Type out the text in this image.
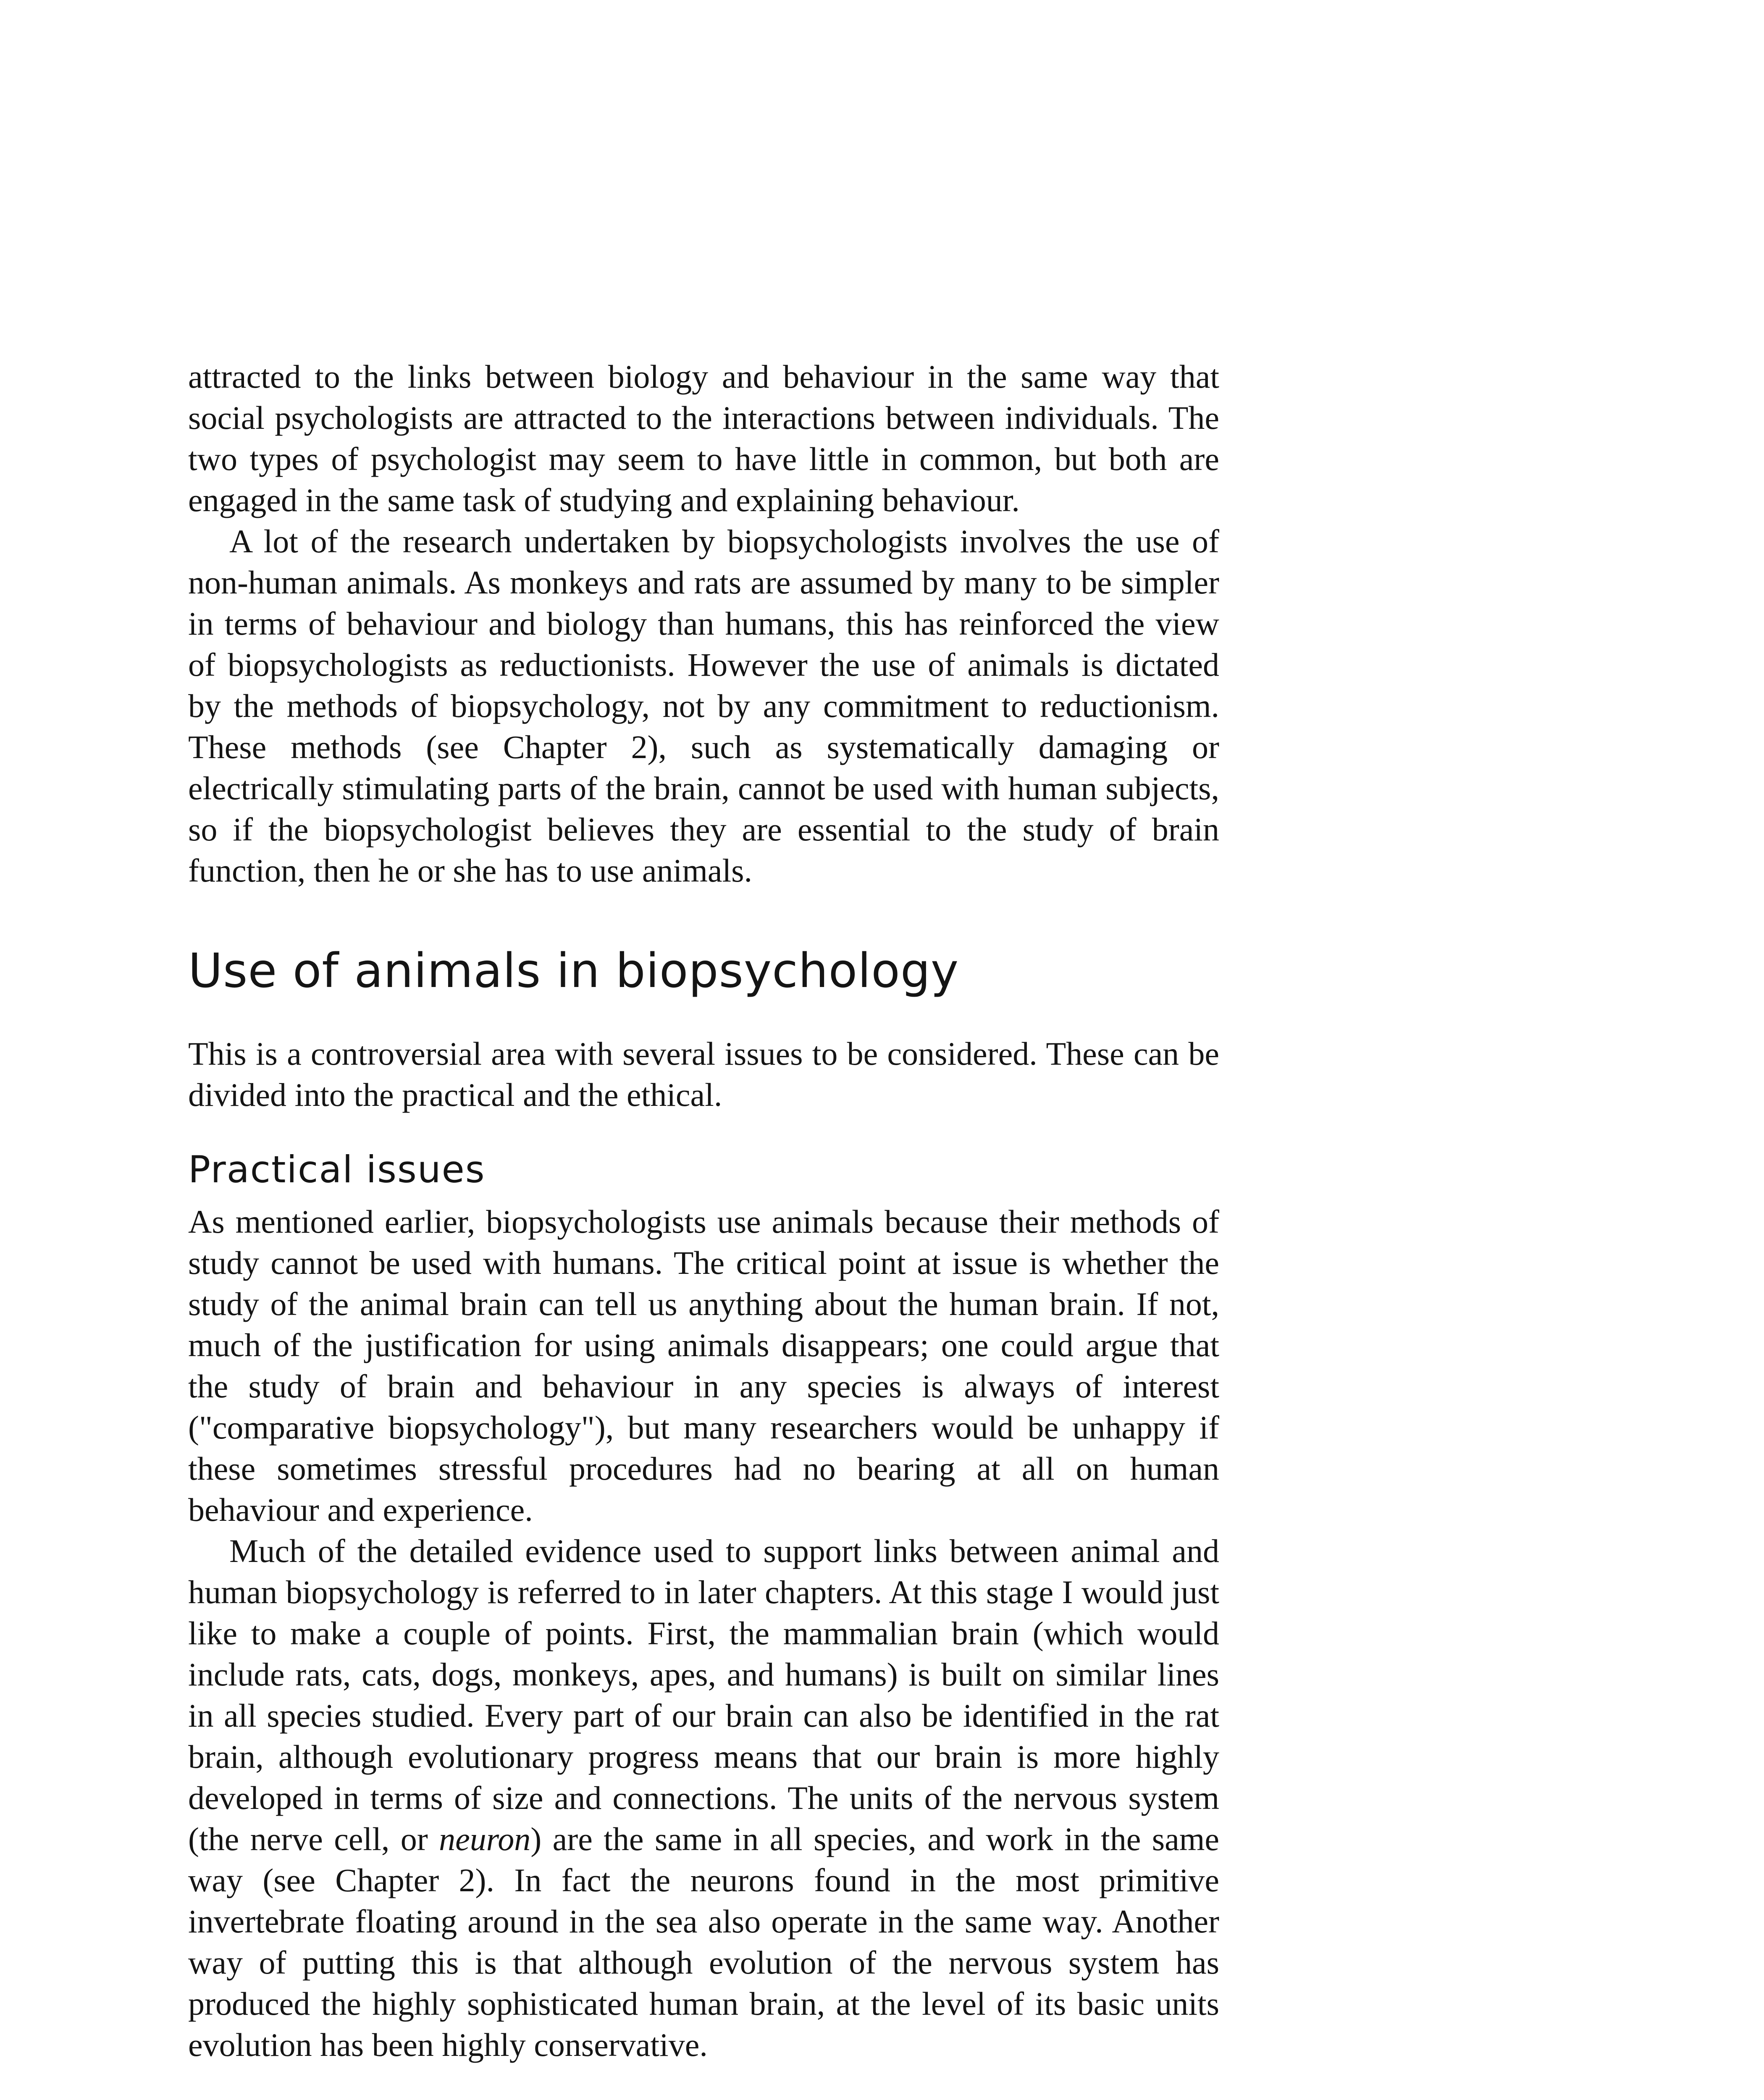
attracted to the links between biology and behaviour in the same way that social psychologists are attracted to the interactions between individuals. The two types of psychologist may seem to have little in common, but both are engaged in the same task of studying and explaining behaviour.

A lot of the research undertaken by biopsychologists involves the use of non-human animals. As monkeys and rats are assumed by many to be simpler in terms of behaviour and biology than humans, this has reinforced the view of biopsychologists as reductionists. However the use of animals is dictated by the methods of biopsychology, not by any commitment to reductionism. These methods (see Chapter 2), such as systematically damaging or electrically stimulating parts of the brain, cannot be used with human subjects, so if the biopsychologist believes they are essential to the study of brain function, then he or she has to use animals.

Use of animals in biopsychology

This is a controversial area with several issues to be considered. These can be divided into the practical and the ethical.

Practical issues

As mentioned earlier, biopsychologists use animals because their methods of study cannot be used with humans. The critical point at issue is whether the study of the animal brain can tell us anything about the human brain. If not, much of the justification for using animals disappears; one could argue that the study of brain and behaviour in any species is always of interest ("comparative biopsychology"), but many researchers would be unhappy if these sometimes stressful procedures had no bearing at all on human behaviour and experience.

Much of the detailed evidence used to support links between animal and human biopsychology is referred to in later chapters. At this stage I would just like to make a couple of points. First, the mammalian brain (which would include rats, cats, dogs, monkeys, apes, and humans) is built on similar lines in all species studied. Every part of our brain can also be identified in the rat brain, although evolutionary progress means that our brain is more highly developed in terms of size and connections. The units of the nervous system (the nerve cell, or neuron) are the same in all species, and work in the same way (see Chapter 2). In fact the neurons found in the most primitive invertebrate floating around in the sea also operate in the same way. Another way of putting this is that although evolution of the nervous system has produced the highly sophisticated human brain, at the level of its basic units evolution has been highly conservative.
